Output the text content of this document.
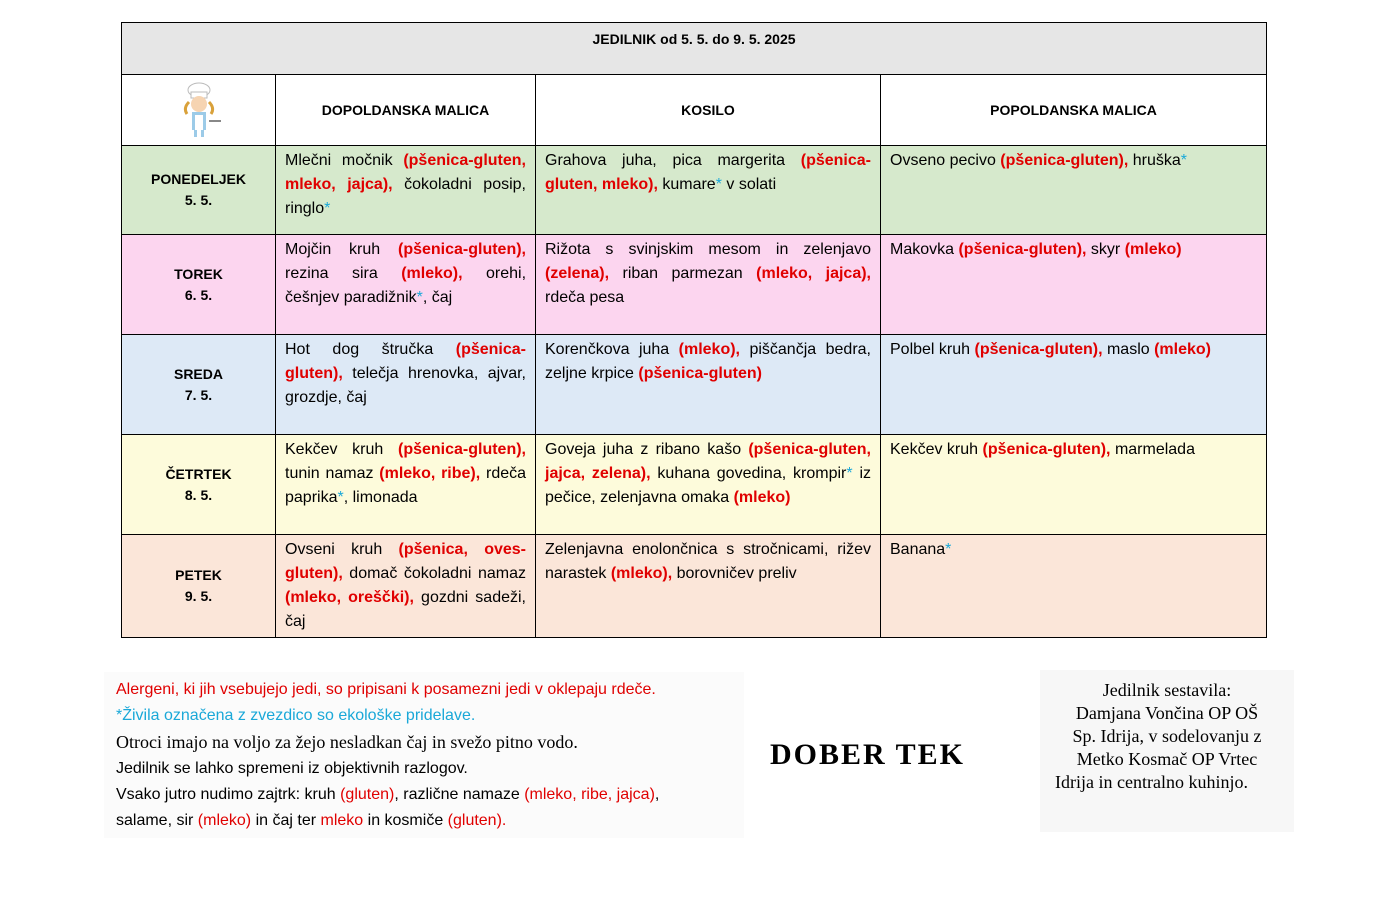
JEDILNIK od 5. 5. do 9. 5. 2025			

	DOPOLDANSKA MALICA	KOSILO	POPOLDANSKA MALICA

PONEDELJEK
5. 5.	Mlečni močnik (pšenica-gluten, mleko, jajca), čokoladni posip, ringlo*	Grahova juha, pica margerita (pšenica-gluten, mleko), kumare* v solati	Ovseno pecivo (pšenica-gluten), hruška*

TOREK
6. 5.	Mojčin kruh (pšenica-gluten), rezina sira (mleko), orehi, češnjev paradižnik*, čaj	Rižota s svinjskim mesom in zelenjavo (zelena), riban parmezan (mleko, jajca), rdeča pesa	Makovka (pšenica-gluten), skyr (mleko)

SREDA
7. 5.	Hot dog štručka (pšenica-gluten), telečja hrenovka, ajvar, grozdje, čaj	Korenčkova juha (mleko), piščančja bedra, zeljne krpice (pšenica-gluten)	Polbel kruh (pšenica-gluten), maslo (mleko)

ČETRTEK
8. 5.	Kekčev kruh (pšenica-gluten), tunin namaz (mleko, ribe), rdeča paprika*, limonada	Goveja juha z ribano kašo (pšenica-gluten, jajca, zelena), kuhana govedina, krompir* iz pečice, zelenjavna omaka (mleko)	Kekčev kruh (pšenica-gluten), marmelada

PETEK
9. 5.	Ovseni kruh (pšenica, oves-gluten), domač čokoladni namaz (mleko, oreščki), gozdni sadeži, čaj	Zelenjavna enolončnica s stročnicami, rižev narastek (mleko), borovničev preliv	Banana*

Alergeni, ki jih vsebujejo jedi, so pripisani k posamezni jedi v oklepaju rdeče.

*Živila označena z zvezdico so ekološke pridelave.

Otroci imajo na voljo za žejo nesladkan čaj in svežo pitno vodo.

Jedilnik se lahko spremeni iz objektivnih razlogov.

Vsako jutro nudimo zajtrk: kruh (gluten), različne namaze (mleko, ribe, jajca),

salame, sir (mleko) in čaj ter mleko in kosmiče (gluten).

DOBER TEK
Jedilnik sestavila:
Damjana Vončina OP OŠ
Sp. Idrija, v sodelovanju z
Metko Kosmač OP Vrtec
Idrija in centralno kuhinjo.
